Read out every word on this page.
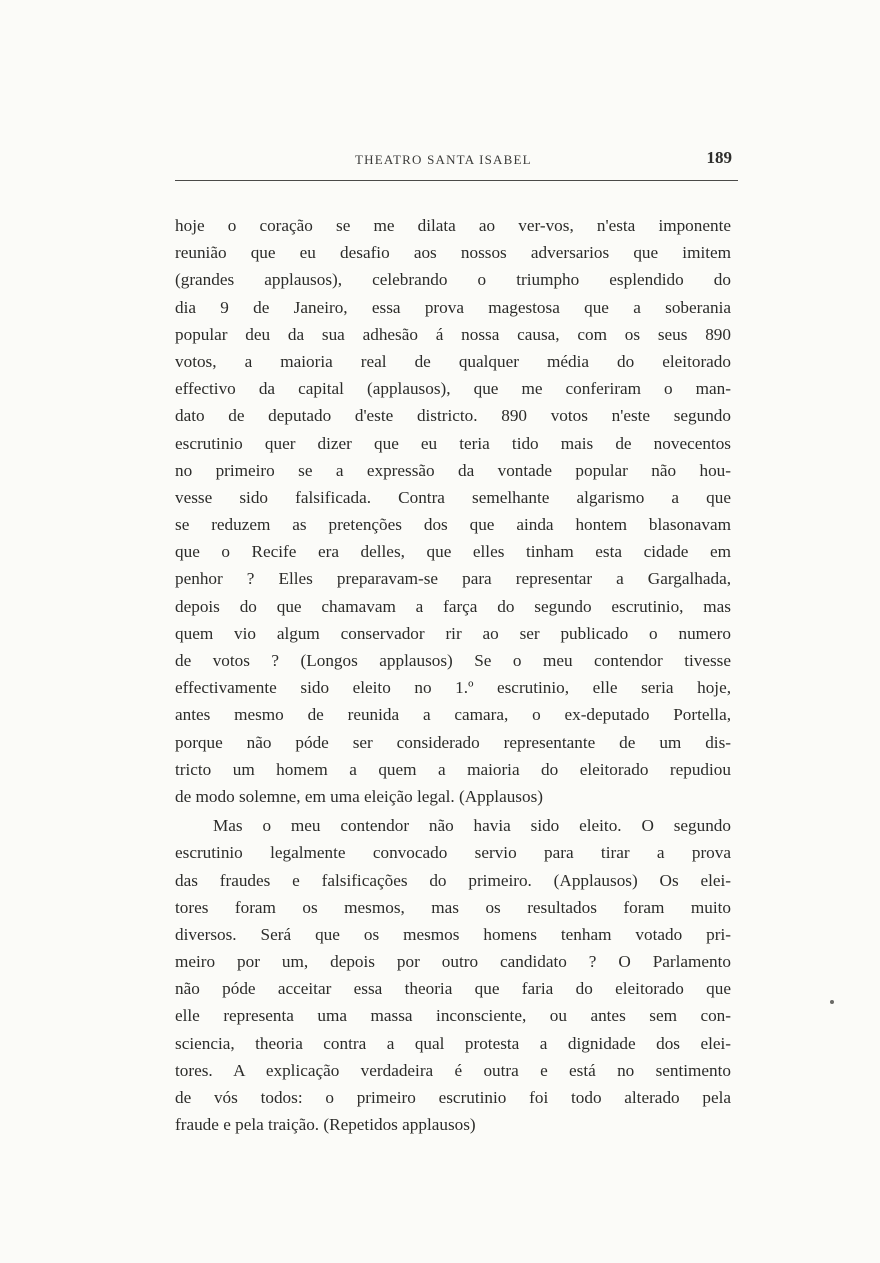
THEATRO SANTA ISABEL	189
hoje o coração se me dilata ao ver-vos, n'esta imponente
reunião que eu desafio aos nossos adversarios que imitem
(grandes applausos), celebrando o triumpho esplendido do
dia 9 de Janeiro, essa prova magestosa que a soberania
popular deu da sua adhesão á nossa causa, com os seus 890
votos, a maioria real de qualquer média do eleitorado
effectivo da capital (applausos), que me conferiram o man-
dato de deputado d'este districto. 890 votos n'este segundo
escrutinio quer dizer que eu teria tido mais de novecentos
no primeiro se a expressão da vontade popular não hou-
vesse sido falsificada. Contra semelhante algarismo a que
se reduzem as pretenções dos que ainda hontem blasonavam
que o Recife era delles, que elles tinham esta cidade em
penhor ? Elles preparavam-se para representar a Gargalhada,
depois do que chamavam a farça do segundo escrutinio, mas
quem vio algum conservador rir ao ser publicado o numero
de votos ? (Longos applausos) Se o meu contendor tivesse
effectivamente sido eleito no 1.º escrutinio, elle seria hoje,
antes mesmo de reunida a camara, o ex-deputado Portella,
porque não póde ser considerado representante de um dis-
tricto um homem a quem a maioria do eleitorado repudiou
de modo solemne, em uma eleição legal. (Applausos)
Mas o meu contendor não havia sido eleito. O segundo
escrutinio legalmente convocado servio para tirar a prova
das fraudes e falsificações do primeiro. (Applausos) Os elei-
tores foram os mesmos, mas os resultados foram muito
diversos. Será que os mesmos homens tenham votado pri-
meiro por um, depois por outro candidato ? O Parlamento
não póde acceitar essa theoria que faria do eleitorado que
elle representa uma massa inconsciente, ou antes sem con-
sciencia, theoria contra a qual protesta a dignidade dos elei-
tores. A explicação verdadeira é outra e está no sentimento
de vós todos: o primeiro escrutinio foi todo alterado pela
fraude e pela traição. (Repetidos applausos)
